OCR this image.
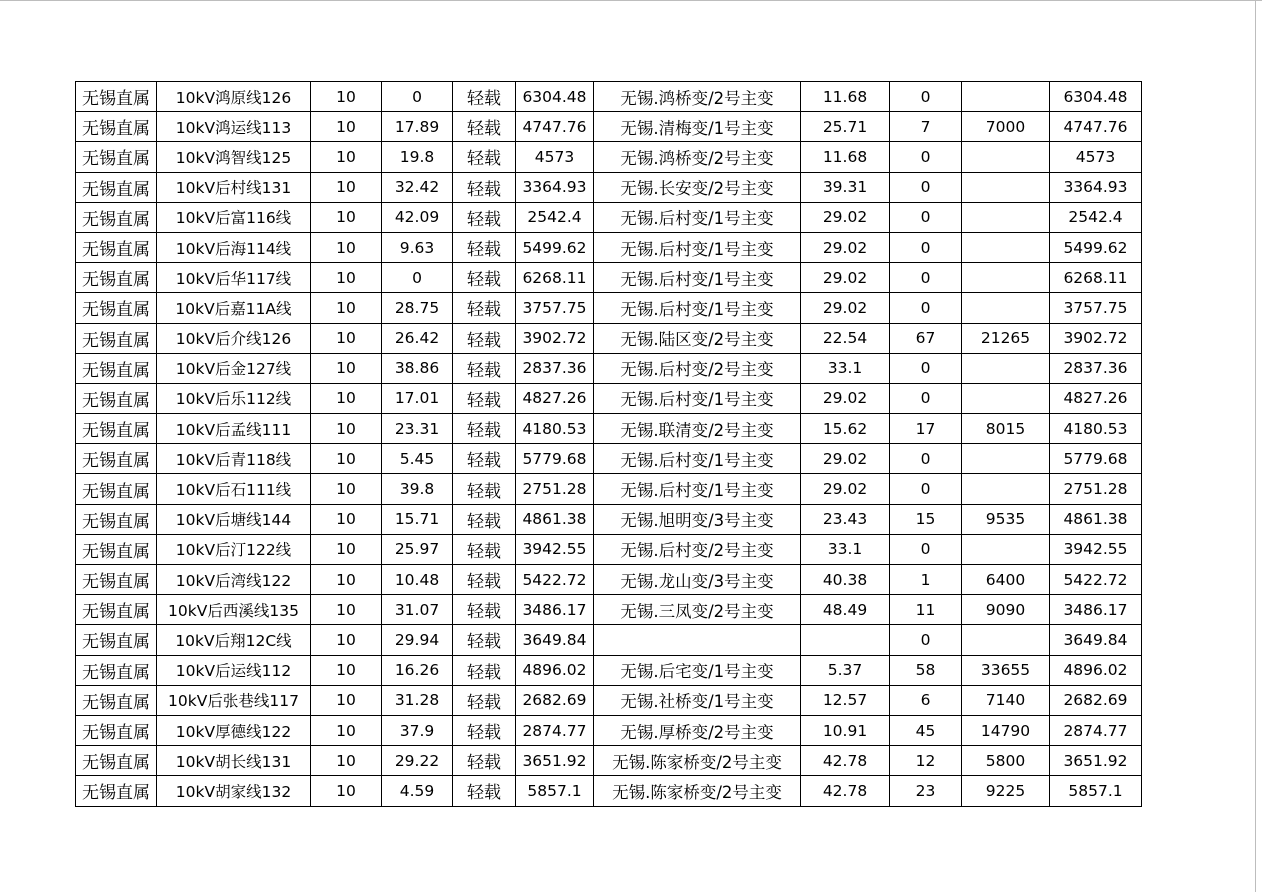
无锡直属	10kV鸿原线126	10	0	轻载	6304.48	无锡.鸿桥变/2号主变	11.68	0		6304.48
无锡直属	10kV鸿运线113	10	17.89	轻载	4747.76	无锡.清梅变/1号主变	25.71	7	7000	4747.76
无锡直属	10kV鸿智线125	10	19.8	轻载	4573	无锡.鸿桥变/2号主变	11.68	0		4573
无锡直属	10kV后村线131	10	32.42	轻载	3364.93	无锡.长安变/2号主变	39.31	0		3364.93
无锡直属	10kV后富116线	10	42.09	轻载	2542.4	无锡.后村变/1号主变	29.02	0		2542.4
无锡直属	10kV后海114线	10	9.63	轻载	5499.62	无锡.后村变/1号主变	29.02	0		5499.62
无锡直属	10kV后华117线	10	0	轻载	6268.11	无锡.后村变/1号主变	29.02	0		6268.11
无锡直属	10kV后嘉11A线	10	28.75	轻载	3757.75	无锡.后村变/1号主变	29.02	0		3757.75
无锡直属	10kV后介线126	10	26.42	轻载	3902.72	无锡.陆区变/2号主变	22.54	67	21265	3902.72
无锡直属	10kV后金127线	10	38.86	轻载	2837.36	无锡.后村变/2号主变	33.1	0		2837.36
无锡直属	10kV后乐112线	10	17.01	轻载	4827.26	无锡.后村变/1号主变	29.02	0		4827.26
无锡直属	10kV后孟线111	10	23.31	轻载	4180.53	无锡.联清变/2号主变	15.62	17	8015	4180.53
无锡直属	10kV后青118线	10	5.45	轻载	5779.68	无锡.后村变/1号主变	29.02	0		5779.68
无锡直属	10kV后石111线	10	39.8	轻载	2751.28	无锡.后村变/1号主变	29.02	0		2751.28
无锡直属	10kV后塘线144	10	15.71	轻载	4861.38	无锡.旭明变/3号主变	23.43	15	9535	4861.38
无锡直属	10kV后汀122线	10	25.97	轻载	3942.55	无锡.后村变/2号主变	33.1	0		3942.55
无锡直属	10kV后湾线122	10	10.48	轻载	5422.72	无锡.龙山变/3号主变	40.38	1	6400	5422.72
无锡直属	10kV后西溪线135	10	31.07	轻载	3486.17	无锡.三凤变/2号主变	48.49	11	9090	3486.17
无锡直属	10kV后翔12C线	10	29.94	轻载	3649.84			0		3649.84
无锡直属	10kV后运线112	10	16.26	轻载	4896.02	无锡.后宅变/1号主变	5.37	58	33655	4896.02
无锡直属	10kV后张巷线117	10	31.28	轻载	2682.69	无锡.社桥变/1号主变	12.57	6	7140	2682.69
无锡直属	10kV厚德线122	10	37.9	轻载	2874.77	无锡.厚桥变/2号主变	10.91	45	14790	2874.77
无锡直属	10kV胡长线131	10	29.22	轻载	3651.92	无锡.陈家桥变/2号主变	42.78	12	5800	3651.92
无锡直属	10kV胡家线132	10	4.59	轻载	5857.1	无锡.陈家桥变/2号主变	42.78	23	9225	5857.1
